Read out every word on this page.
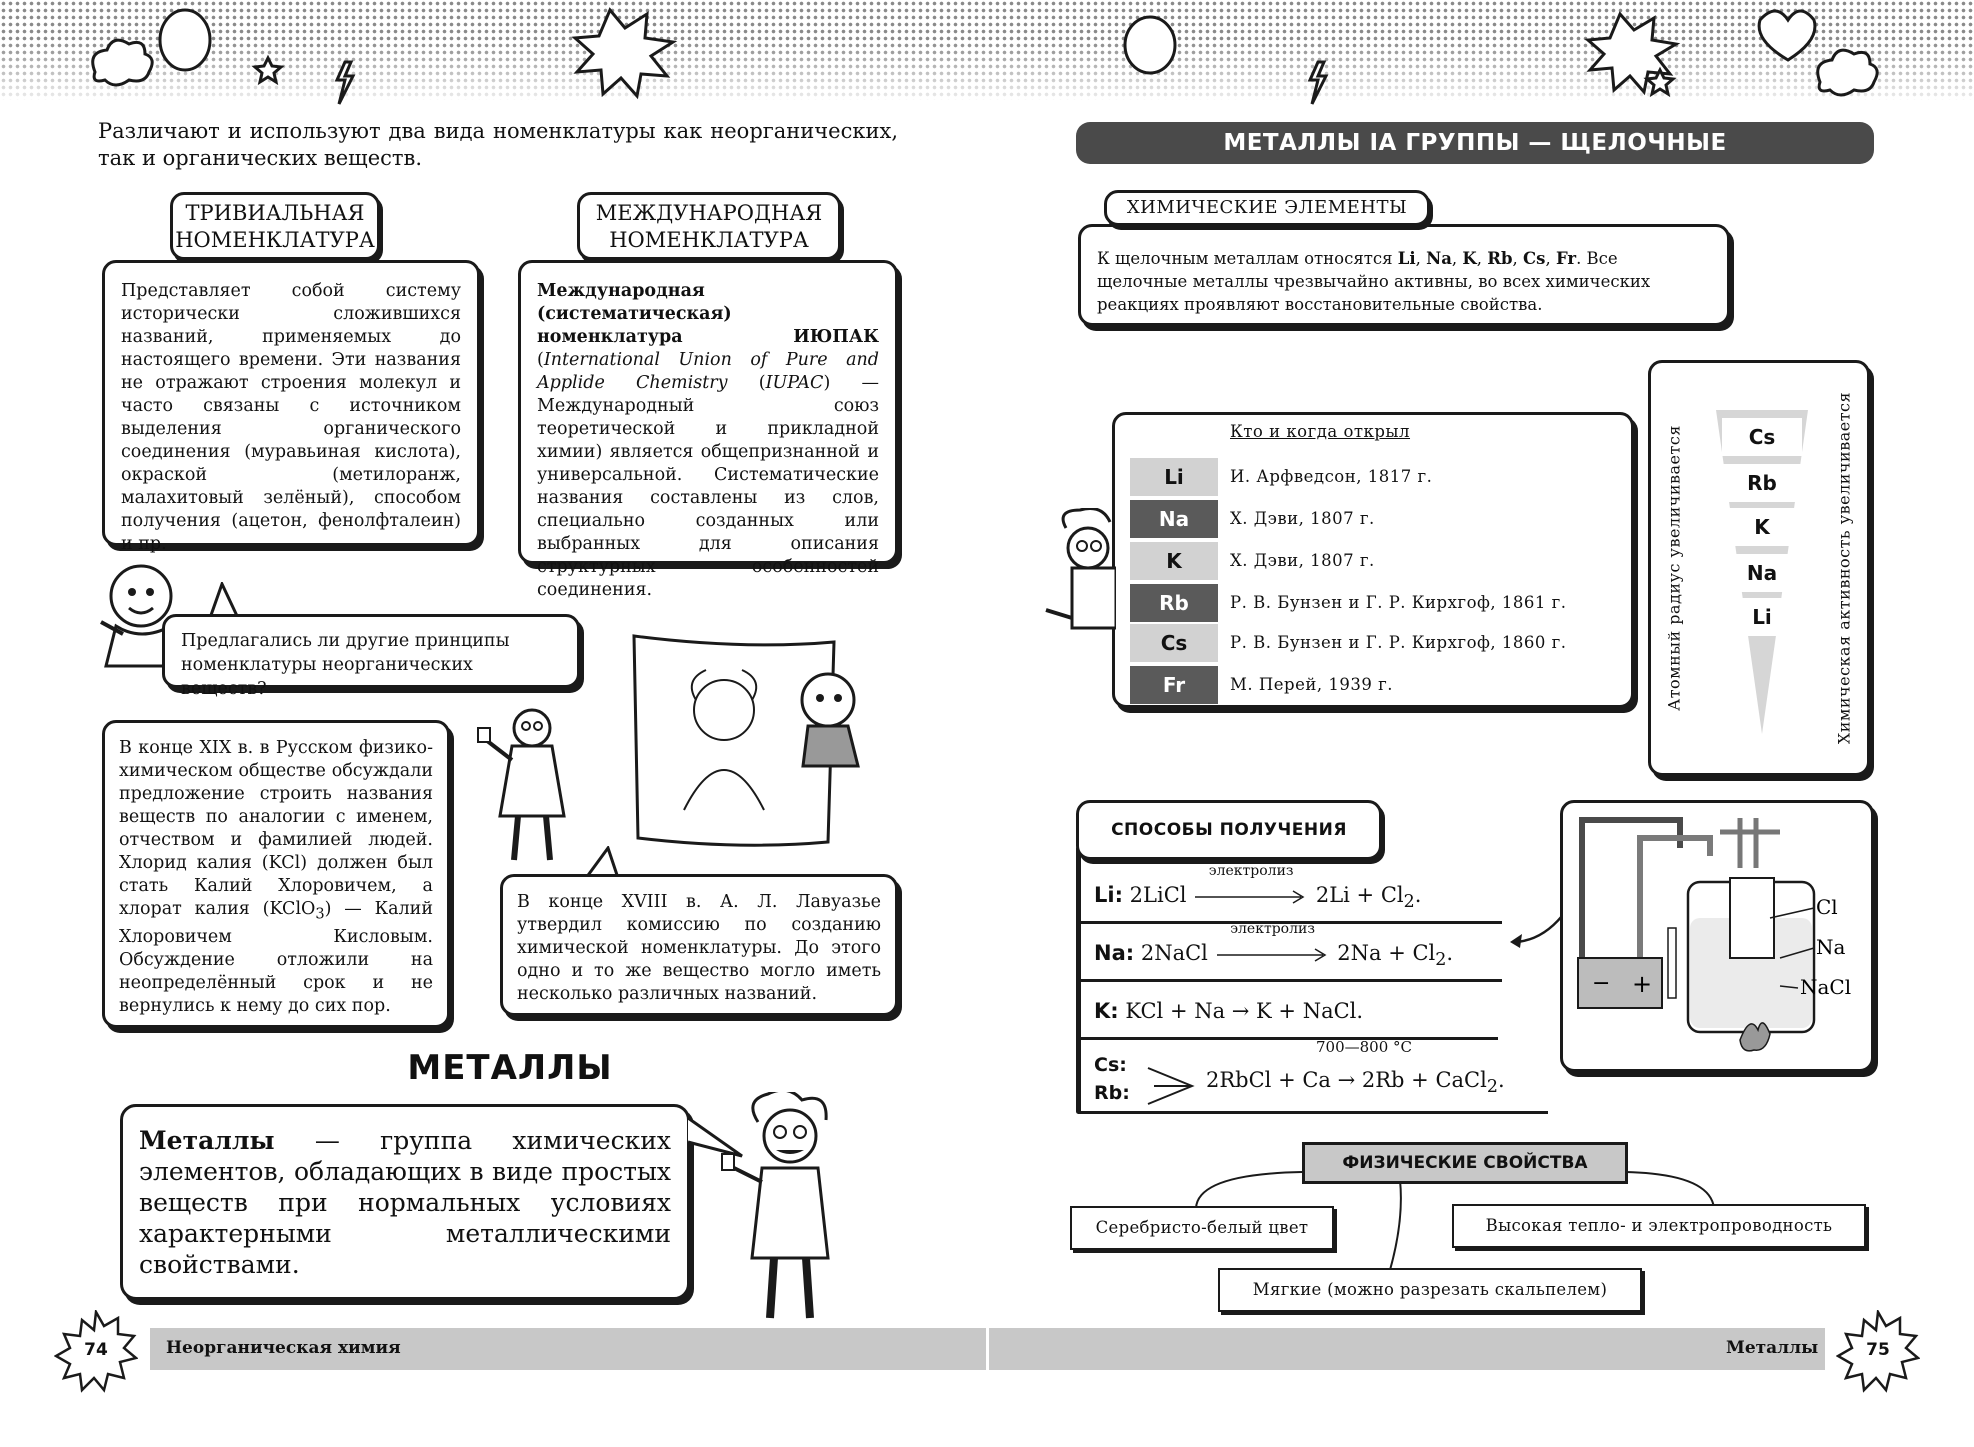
Различают и используют два вида номенклатуры как неорганических, так и органических веществ.
ТРИВИАЛЬНАЯ
НОМЕНКЛАТУРА
Представляет собой систему исторически сложившихся названий, применяемых до настоящего времени. Эти названия не отражают строения молекул и часто связаны с источником выделения органического соединения (муравьиная кислота), окраской (метилоранж, малахитовый зелёный), способом получения (ацетон, фенолфталеин) и пр.
МЕЖДУНАРОДНАЯ
НОМЕНКЛАТУРА
Международная (систематическая) номенклатура ИЮПАК (International Union of Pure and Applide Chemistry (IUPAC) — Международный союз теоретической и прикладной химии) является общепризнанной и универсальной. Систематические названия составлены из слов, специально созданных или выбранных для описания структурных особенностей соединения.
Предлагались ли другие принципы номенклатуры неорганических веществ?
В конце XIX в. в Русском физико-химическом обществе обсуждали предложение строить названия веществ по аналогии с именем, отчеством и фамилией людей. Хлорид калия (KCl) должен был стать Калий Хлоровичем, а хлорат калия (KClO$_3$) — Калий Хлоровичем Кисловым. Обсуждение отложили на неопределённый срок и не вернулись к нему до сих пор.
В конце XVIII в. А. Л. Лавуазье утвердил комиссию по созданию химической номенклатуры. До этого одно и то же вещество могло иметь несколько различных названий.
МЕТАЛЛЫ
Металлы — группа химических элементов, обладающих в виде простых веществ при нормальных условиях характерными металлическими свойствами.
Неорганическая химия	Металлы
74	75
МЕТАЛЛЫ IA ГРУППЫ — ЩЕЛОЧНЫЕ
К щелочным металлам относятся Li, Na, K, Rb, Cs, Fr. Все щелочные металлы чрезвычайно активны, во всех химических реакциях проявляют восстановительные свойства.
ХИМИЧЕСКИЕ ЭЛЕМЕНТЫ
Кто и когда открыл
Li	И. Арфведсон, 1817 г.
Na	Х. Дэви, 1807 г.
K	Х. Дэви, 1807 г.
Rb	Р. В. Бунзен и Г. Р. Кирхгоф, 1861 г.
Cs	Р. В. Бунзен и Г. Р. Кирхгоф, 1860 г.
Fr	М. Перей, 1939 г.	Атомный радиус увеличивается	Химическая активность увеличивается
Cs
Rb
K
Na
Li
СПОСОБЫ ПОЛУЧЕНИЯ
Li: 2LiCl
электролиз
$2Li + Cl_2$.
Na: 2NaCl
электролиз
$2Na + Cl_2$.
K: KCl + Na → K + NaCl.
Cs:
Rb:
700—800 °C
2RbCl + Ca → 2Rb + CaCl$_2$.
− +
Cl
Na
NaCl
ФИЗИЧЕСКИЕ СВОЙСТВА
Серебристо-белый цвет	Высокая тепло- и электропроводность
Мягкие (можно разрезать скальпелем)
